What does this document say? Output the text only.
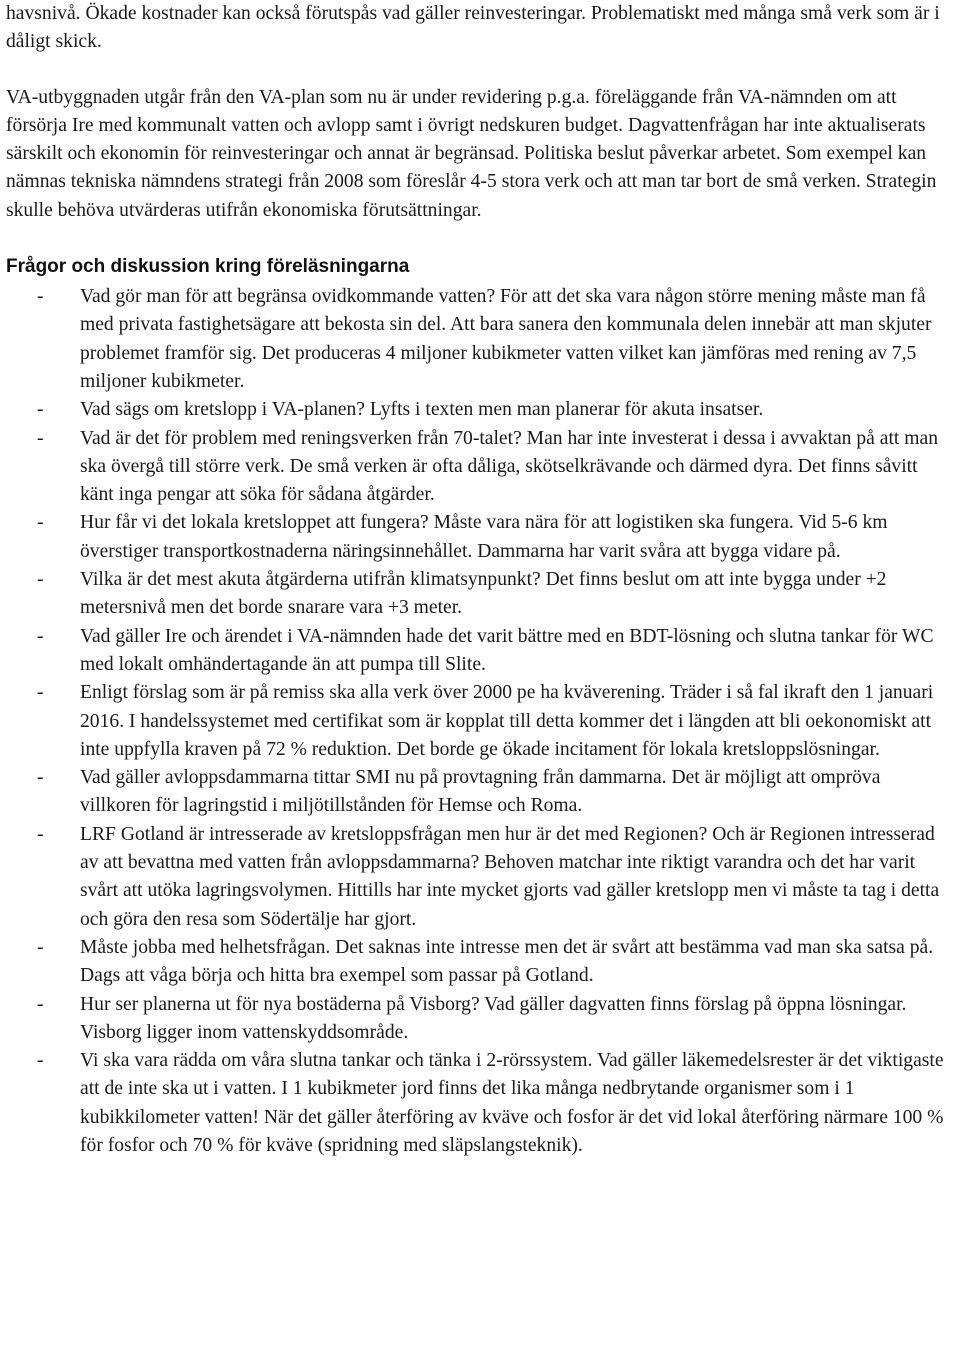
havsnivå. Ökade kostnader kan också förutspås vad gäller reinvesteringar. Problematiskt med många små verk som är i dåligt skick.

VA-utbyggnaden utgår från den VA-plan som nu är under revidering p.g.a. föreläggande från VA-nämnden om att försörja Ire med kommunalt vatten och avlopp samt i övrigt nedskuren budget. Dagvattenfrågan har inte aktualiserats särskilt och ekonomin för reinvesteringar och annat är begränsad. Politiska beslut påverkar arbetet. Som exempel kan nämnas tekniska nämndens strategi från 2008 som föreslår 4-5 stora verk och att man tar bort de små verken. Strategin skulle behöva utvärderas utifrån ekonomiska förutsättningar.

Frågor och diskussion kring föreläsningarna
- Vad gör man för att begränsa ovidkommande vatten? För att det ska vara någon större mening måste man få med privata fastighetsägare att bekosta sin del. Att bara sanera den kommunala delen innebär att man skjuter problemet framför sig. Det produceras 4 miljoner kubikmeter vatten vilket kan jämföras med rening av 7,5 miljoner kubikmeter.
- Vad sägs om kretslopp i VA-planen? Lyfts i texten men man planerar för akuta insatser.
- Vad är det för problem med reningsverken från 70-talet? Man har inte investerat i dessa i avvaktan på att man ska övergå till större verk. De små verken är ofta dåliga, skötselkrävande och därmed dyra. Det finns såvitt känt inga pengar att söka för sådana åtgärder.
- Hur får vi det lokala kretsloppet att fungera? Måste vara nära för att logistiken ska fungera. Vid 5-6 km överstiger transportkostnaderna näringsinnehållet. Dammarna har varit svåra att bygga vidare på.
- Vilka är det mest akuta åtgärderna utifrån klimatsynpunkt? Det finns beslut om att inte bygga under +2 metersnivå men det borde snarare vara +3 meter.
- Vad gäller Ire och ärendet i VA-nämnden hade det varit bättre med en BDT-lösning och slutna tankar för WC med lokalt omhändertagande än att pumpa till Slite.
- Enligt förslag som är på remiss ska alla verk över 2000 pe ha kväverening. Träder i så fal ikraft den 1 januari 2016. I handelssystemet med certifikat som är kopplat till detta kommer det i längden att bli oekonomiskt att inte uppfylla kraven på 72 % reduktion. Det borde ge ökade incitament för lokala kretsloppslösningar.
- Vad gäller avloppsdammarna tittar SMI nu på provtagning från dammarna. Det är möjligt att ompröva villkoren för lagringstid i miljötillstånden för Hemse och Roma.
- LRF Gotland är intresserade av kretsloppsfrågan men hur är det med Regionen? Och är Regionen intresserad av att bevattna med vatten från avloppsdammarna? Behoven matchar inte riktigt varandra och det har varit svårt att utöka lagringsvolymen. Hittills har inte mycket gjorts vad gäller kretslopp men vi måste ta tag i detta och göra den resa som Södertälje har gjort.
- Måste jobba med helhetsfrågan. Det saknas inte intresse men det är svårt att bestämma vad man ska satsa på. Dags att våga börja och hitta bra exempel som passar på Gotland.
- Hur ser planerna ut för nya bostäderna på Visborg? Vad gäller dagvatten finns förslag på öppna lösningar. Visborg ligger inom vattenskyddsområde.
- Vi ska vara rädda om våra slutna tankar och tänka i 2-rörssystem. Vad gäller läkemedelsrester är det viktigaste att de inte ska ut i vatten. I 1 kubikmeter jord finns det lika många nedbrytande organismer som i 1 kubikkilometer vatten! När det gäller återföring av kväve och fosfor är det vid lokal återföring närmare 100 % för fosfor och 70 % för kväve (spridning med släpslangsteknik).
